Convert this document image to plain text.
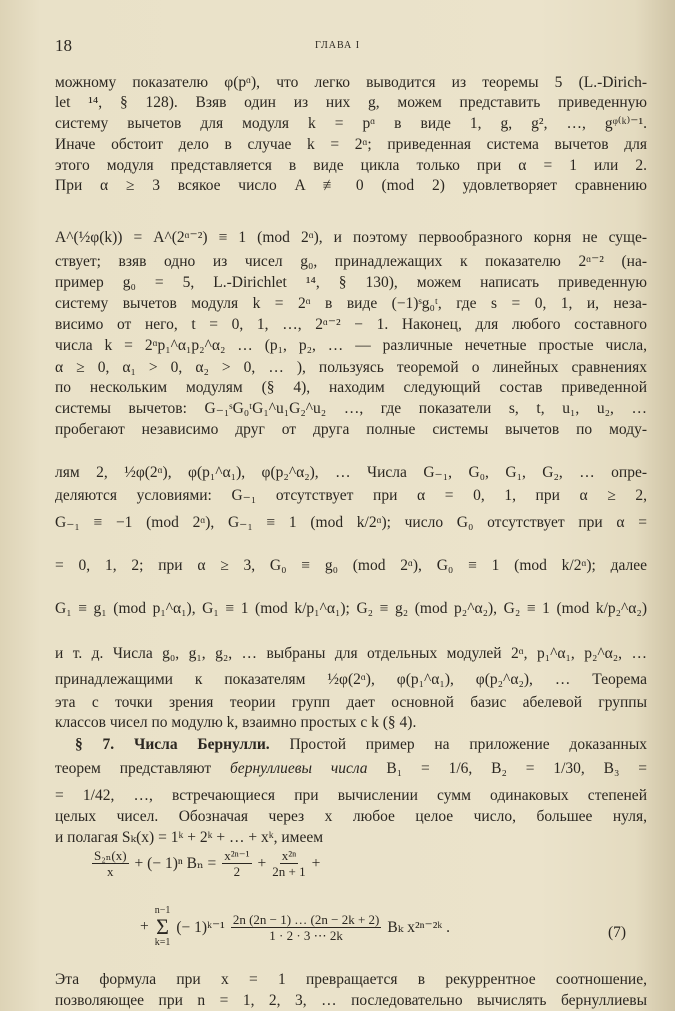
18	ГЛАВА I
можному показателю φ(pᵅ), что легко выводится из теоремы 5 (L.-Dirich-
let ¹⁴, § 128). Взяв один из них g, можем представить приведенную
системy вычетов для модуля k = pᵅ в виде 1, g, g², …, gᵠ⁽ᵏ⁾⁻¹.
Иначе обстоит дело в случае k = 2ᵅ; приведенная система вычетов для
этого модуля представляется в виде цикла только при α = 1 или 2.
При α ≥ 3 всякое число A ≢ 0 (mod 2) удовлетворяет сравнению
A^(½φ(k)) = A^(2ᵅ⁻²) ≡ 1 (mod 2ᵅ), и поэтому первообразного корня не суще-
ствует; взяв одно из чисел g₀, принадлежащих к показателю 2ᵅ⁻² (на-
пример g₀ = 5, L.-Dirichlet ¹⁴, § 130), можем написать приведенную
систему вычетов модуля k = 2ᵅ в виде (−1)ˢg₀ᵗ, где s = 0, 1, и, неза-
висимо от него, t = 0, 1, …, 2ᵅ⁻² − 1. Наконец, для любого составного
числа k = 2ᵅp₁^α₁p₂^α₂ … (p₁, p₂, … — различные нечетные простые числа,
α ≥ 0, α₁ > 0, α₂ > 0, … ), пользуясь теоремой о линейных сравнениях
по нескольким модулям (§ 4), находим следующий состав приведенной
системы вычетов: G₋₁ˢG₀ᵗG₁^u₁G₂^u₂ …, где показатели s, t, u₁, u₂, …
пробегают независимо друг от друга полные системы вычетов по моду-
лям 2, ½φ(2ᵅ), φ(p₁^α₁), φ(p₂^α₂), … Числа G₋₁, G₀, G₁, G₂, … опре-
деляются условиями: G₋₁ отсутствует при α = 0, 1, при α ≥ 2,
G₋₁ ≡ −1 (mod 2ᵅ), G₋₁ ≡ 1 (mod k/2ᵅ); число G₀ отсутствует при α =
= 0, 1, 2; при α ≥ 3, G₀ ≡ g₀ (mod 2ᵅ), G₀ ≡ 1 (mod k/2ᵅ); далее
G₁ ≡ g₁ (mod p₁^α₁), G₁ ≡ 1 (mod k/p₁^α₁); G₂ ≡ g₂ (mod p₂^α₂), G₂ ≡ 1 (mod k/p₂^α₂)
и т. д. Числа g₀, g₁, g₂, … выбраны для отдельных модулей 2ᵅ, p₁^α₁, p₂^α₂, …
принадлежащими к показателям ½φ(2ᵅ), φ(p₁^α₁), φ(p₂^α₂), … Теорема
эта с точки зрения теории групп дает основной базис абелевой группы
классов чисел по модулю k, взаимно простых с k (§ 4).
§ 7. Числа Бернулли. Простой пример на приложение доказанных
теорем представляют бернуллиевы числа B₁ = 1/6, B₂ = 1/30, B₃ =
= 1/42, …, встречающиеся при вычислении сумм одинаковых степеней
целых чисел. Обозначая через x любое целое число, большее нуля,
и полагая Sₖ(x) = 1ᵏ + 2ᵏ + … + xᵏ, имеем
$\frac{\text{S₂ₙ(x)}}{x}$ + (− 1)ⁿ $B_n = \frac{\text{x²ⁿ⁻¹}}{2} + \frac{\text{x²ⁿ}}{2n + 1}$ +
+
n−1
Σ
k=1
(− 1)ᵏ⁻¹ $\frac{2n (2n - 1) \dots (2n - 2k + 2)}{1 \cdot 2 \cdot 3 \cdots 2k}$ Bₖ x²ⁿ⁻²ᵏ .	(7)
Эта формула при x = 1 превращается в рекуррентное соотношение,
позволяющее при n = 1, 2, 3, … последовательно вычислять бернуллиевы
